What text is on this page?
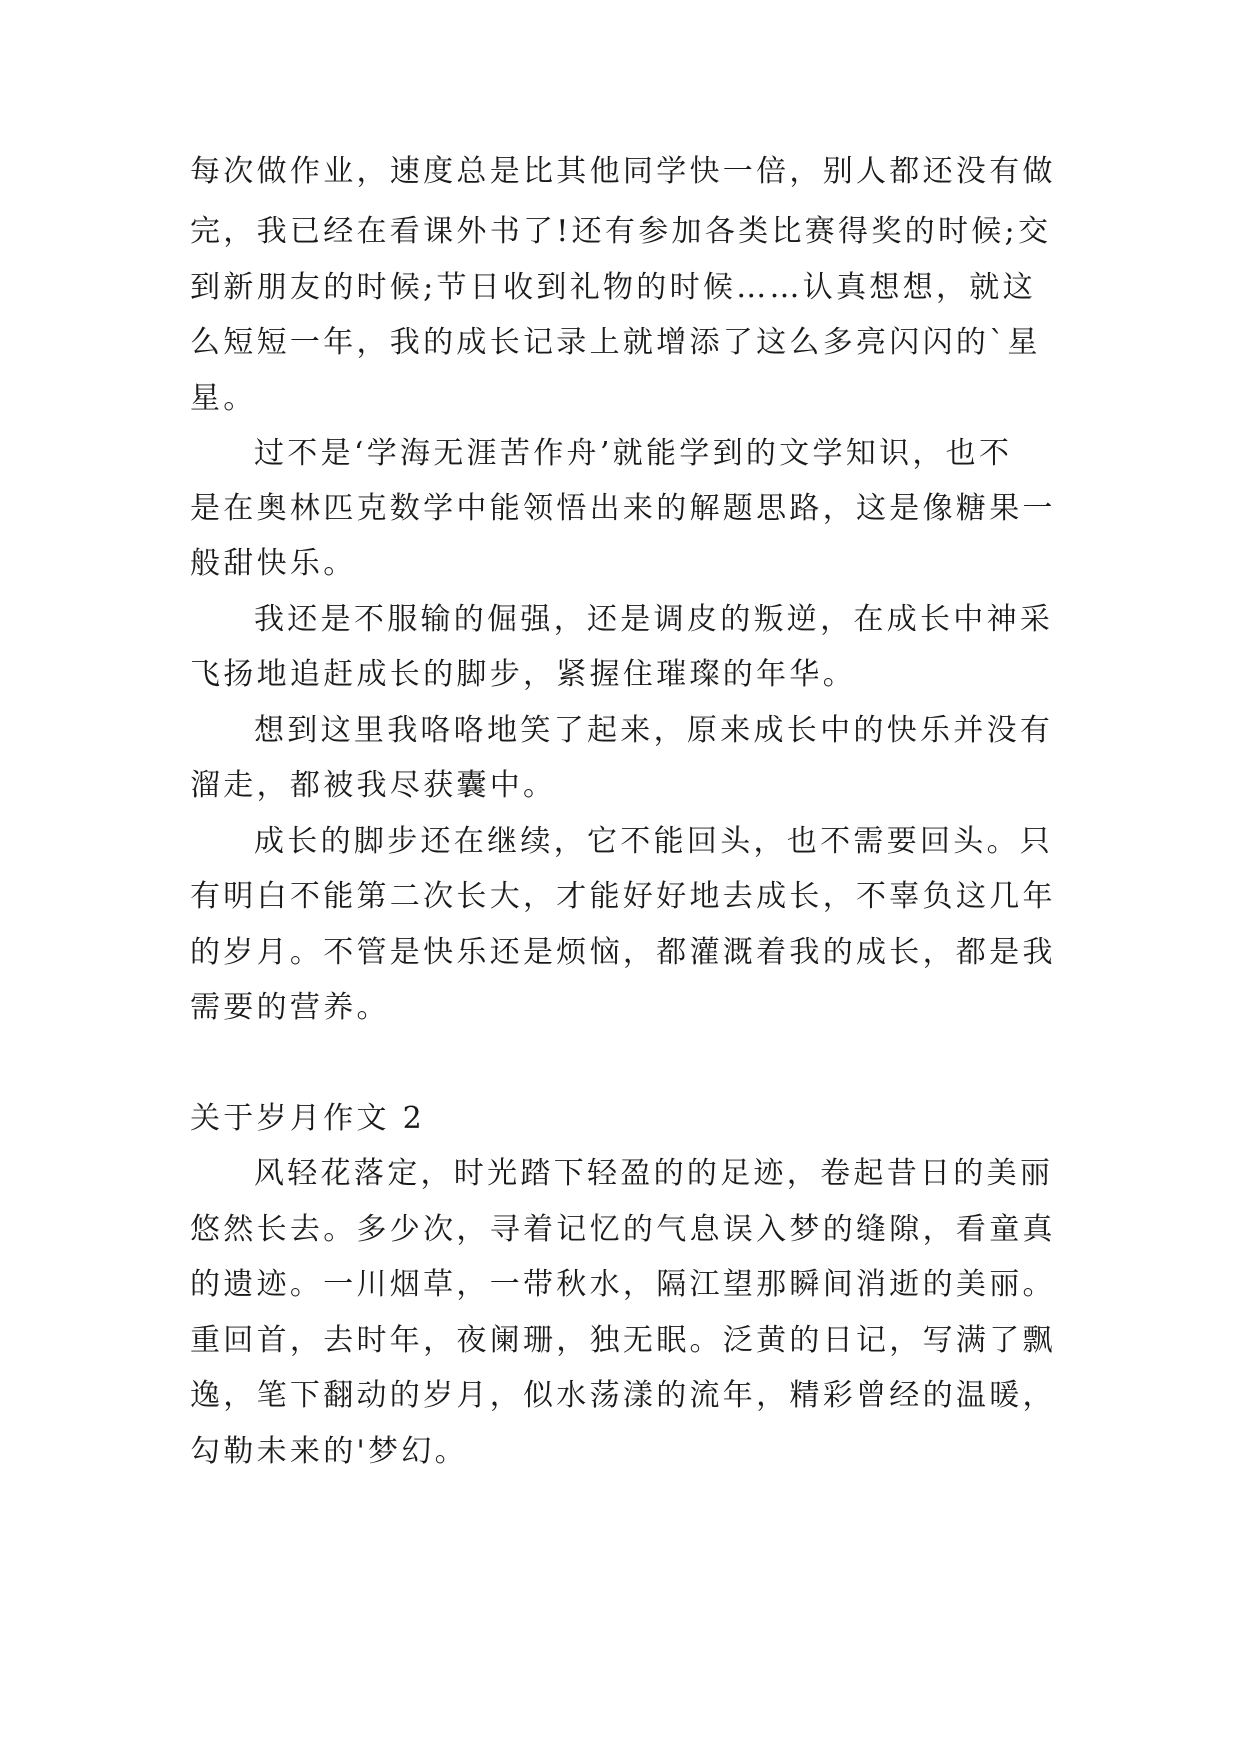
每次做作业，速度总是比其他同学快一倍，别人都还没有做
完，我已经在看课外书了!还有参加各类比赛得奖的时候;交
到新朋友的时候;节日收到礼物的时候……认真想想，就这
么短短一年，我的成长记录上就增添了这么多亮闪闪的`星
星。
过不是‘学海无涯苦作舟’就能学到的文学知识，也不
是在奥林匹克数学中能领悟出来的解题思路，这是像糖果一
般甜快乐。
我还是不服输的倔强，还是调皮的叛逆，在成长中神采
飞扬地追赶成长的脚步，紧握住璀璨的年华。
想到这里我咯咯地笑了起来，原来成长中的快乐并没有
溜走，都被我尽获囊中。
成长的脚步还在继续，它不能回头，也不需要回头。只
有明白不能第二次长大，才能好好地去成长，不辜负这几年
的岁月。不管是快乐还是烦恼，都灌溉着我的成长，都是我
需要的营养。
关于岁月作文 2
风轻花落定，时光踏下轻盈的的足迹，卷起昔日的美丽
悠然长去。多少次，寻着记忆的气息误入梦的缝隙，看童真
的遗迹。一川烟草，一带秋水，隔江望那瞬间消逝的美丽。
重回首，去时年，夜阑珊，独无眠。泛黄的日记，写满了飘
逸，笔下翻动的岁月，似水荡漾的流年，精彩曾经的温暖，
勾勒未来的'梦幻。
